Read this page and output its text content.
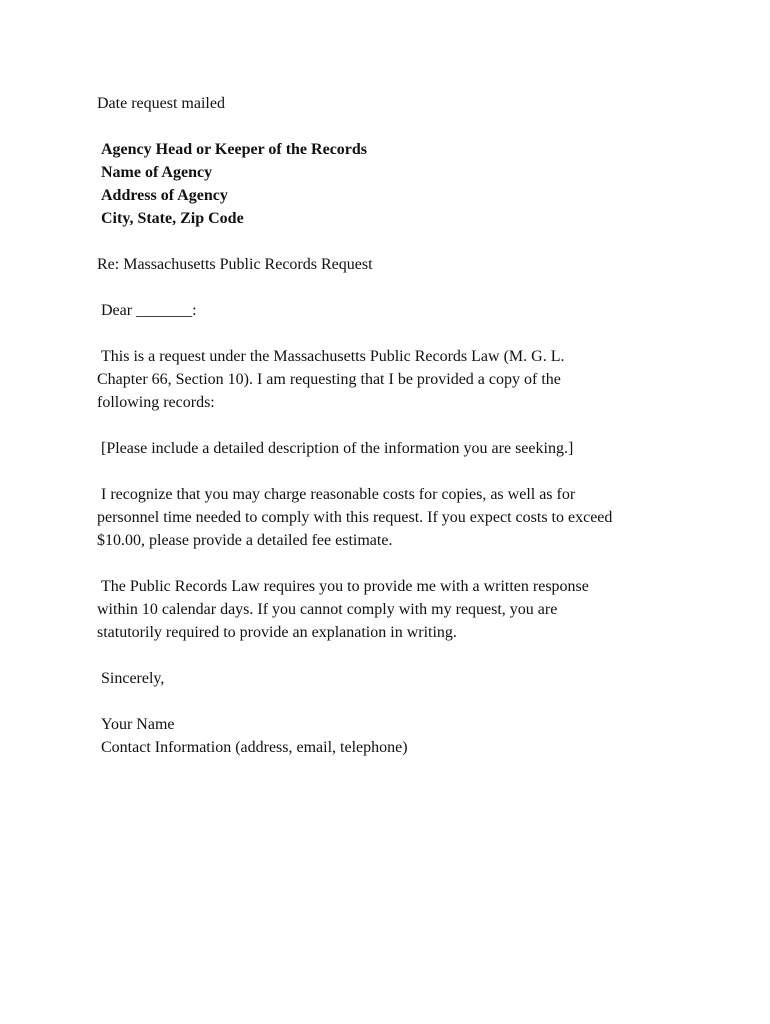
Date request mailed
Agency Head or Keeper of the Records
Name of Agency
Address of Agency
City, State, Zip Code
Re: Massachusetts Public Records Request
Dear _______:
This is a request under the Massachusetts Public Records Law (M. G. L.
Chapter 66, Section 10). I am requesting that I be provided a copy of the
following records:
[Please include a detailed description of the information you are seeking.]
I recognize that you may charge reasonable costs for copies, as well as for
personnel time needed to comply with this request. If you expect costs to exceed
$10.00, please provide a detailed fee estimate.
The Public Records Law requires you to provide me with a written response
within 10 calendar days. If you cannot comply with my request, you are
statutorily required to provide an explanation in writing.
Sincerely,
Your Name
Contact Information (address, email, telephone)
